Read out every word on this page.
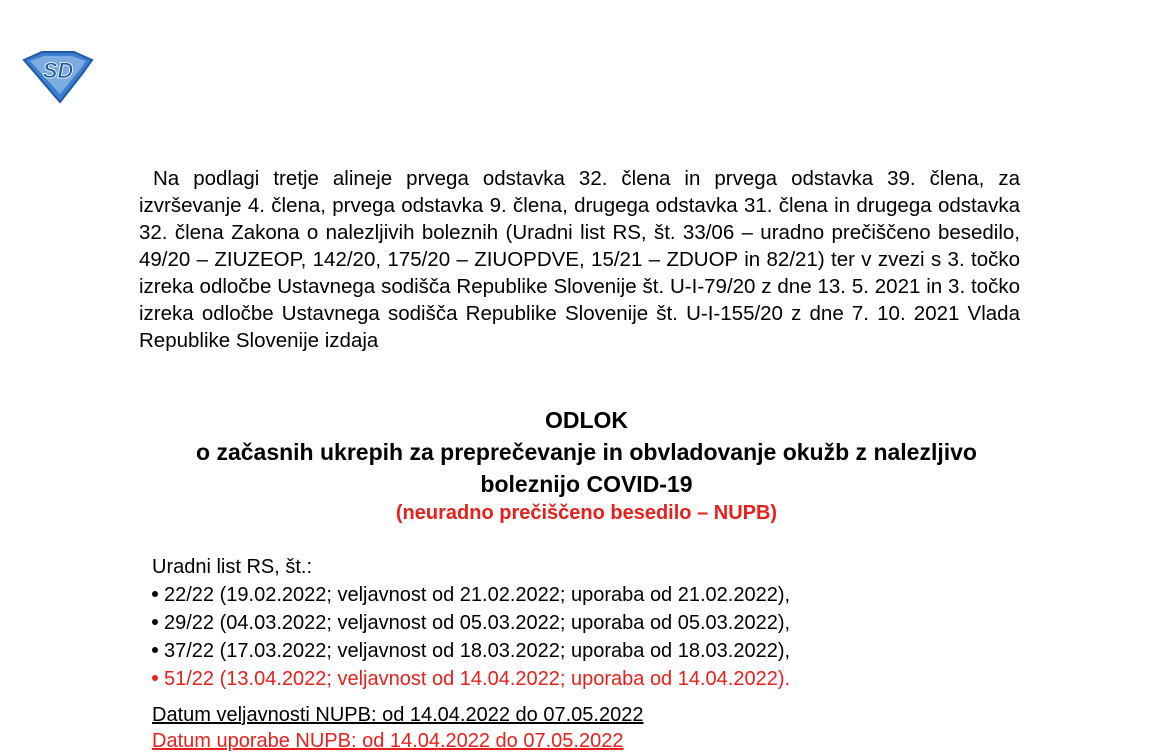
SD

Na podlagi tretje alineje prvega odstavka 32. člena in prvega odstavka 39. člena, za izvrševanje 4. člena, prvega odstavka 9. člena, drugega odstavka 31. člena in drugega odstavka 32. člena Zakona o nalezljivih boleznih (Uradni list RS, št. 33/06 – uradno prečiščeno besedilo, 49/20 – ZIUZEOP, 142/20, 175/20 – ZIUOPDVE, 15/21 – ZDUOP in 82/21) ter v zvezi s 3. točko izreka odločbe Ustavnega sodišča Republike Slovenije št. U-I-79/20 z dne 13. 5. 2021 in 3. točko izreka odločbe Ustavnega sodišča Republike Slovenije št. U-I-155/20 z dne 7. 10. 2021 Vlada Republike Slovenije izdaja

ODLOK

o začasnih ukrepih za preprečevanje in obvladovanje okužb z nalezljivo boleznijo COVID-19

(neuradno prečiščeno besedilo – NUPB)

Uradni list RS, št.:

22/22 (19.02.2022; veljavnost od 21.02.2022; uporaba od 21.02.2022),
29/22 (04.03.2022; veljavnost od 05.03.2022; uporaba od 05.03.2022),
37/22 (17.03.2022; veljavnost od 18.03.2022; uporaba od 18.03.2022),
51/22 (13.04.2022; veljavnost od 14.04.2022; uporaba od 14.04.2022).

Datum veljavnosti NUPB: od 14.04.2022 do 07.05.2022

Datum uporabe NUPB: od 14.04.2022 do 07.05.2022
